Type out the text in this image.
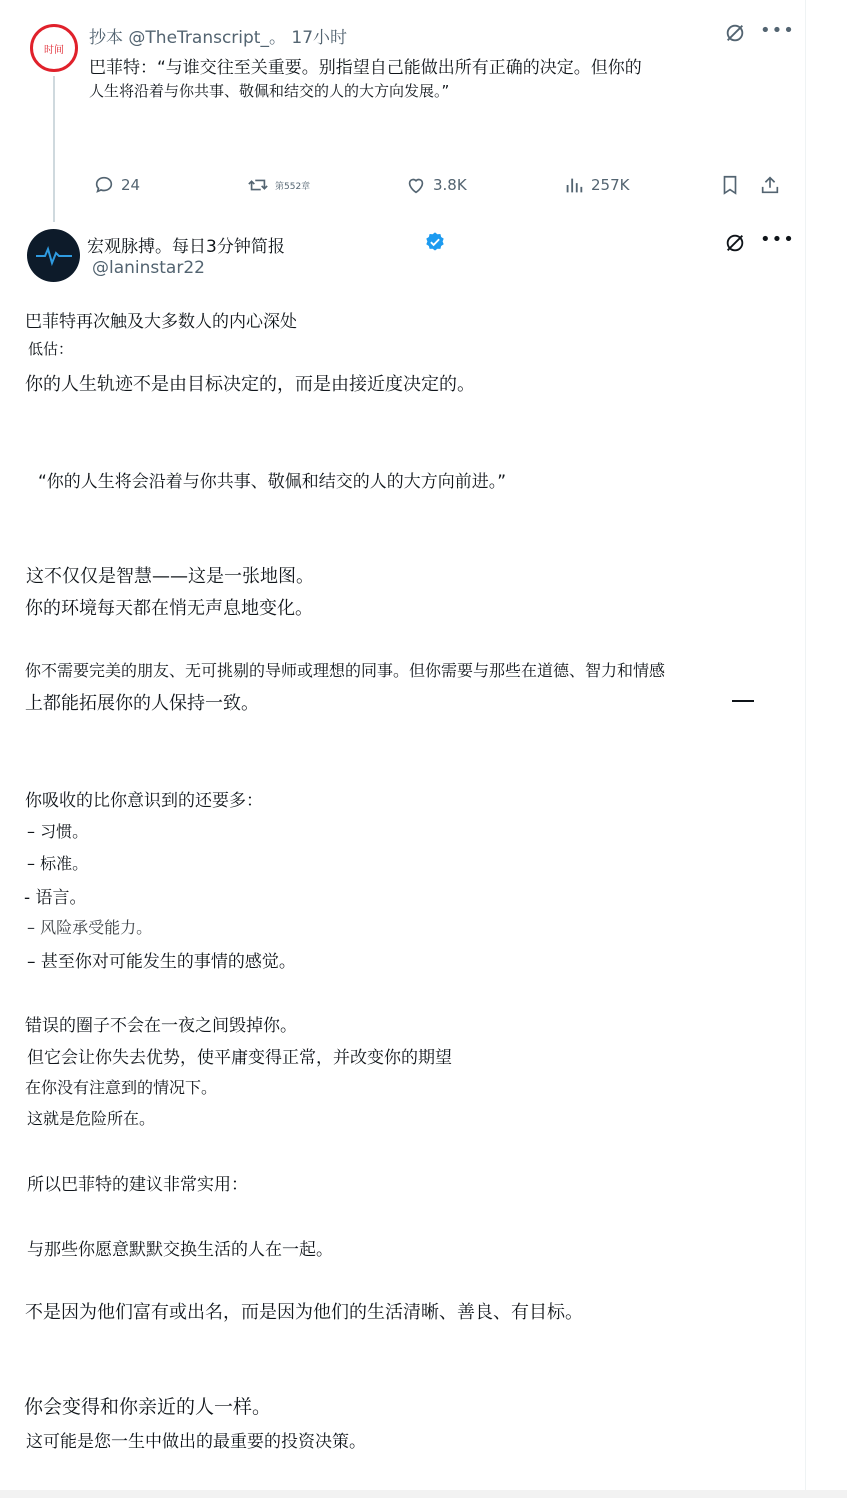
时间
抄本 @TheTranscript_。 17小时	•••
巴菲特：“与谁交往至关重要。别指望自己能做出所有正确的决定。但你的
人生将沿着与你共事、敬佩和结交的人的大方向发展。”
24	第552章	3.8K	257K
宏观脉搏。每日3分钟简报
@laninstar22
•••
巴菲特再次触及大多数人的内心深处
低估：
你的人生轨迹不是由目标决定的，而是由接近度决定的。
“你的人生将会沿着与你共事、敬佩和结交的人的大方向前进。”
这不仅仅是智慧——这是一张地图。
你的环境每天都在悄无声息地变化。
你不需要完美的朋友、无可挑剔的导师或理想的同事。但你需要与那些在道德、智力和情感
上都能拓展你的人保持一致。
你吸收的比你意识到的还要多：
– 习惯。
– 标准。
- 语言。
– 风险承受能力。
– 甚至你对可能发生的事情的感觉。
错误的圈子不会在一夜之间毁掉你。
但它会让你失去优势，使平庸变得正常，并改变你的期望
在你没有注意到的情况下。
这就是危险所在。
所以巴菲特的建议非常实用：
与那些你愿意默默交换生活的人在一起。
不是因为他们富有或出名，而是因为他们的生活清晰、善良、有目标。
你会变得和你亲近的人一样。
这可能是您一生中做出的最重要的投资决策。
